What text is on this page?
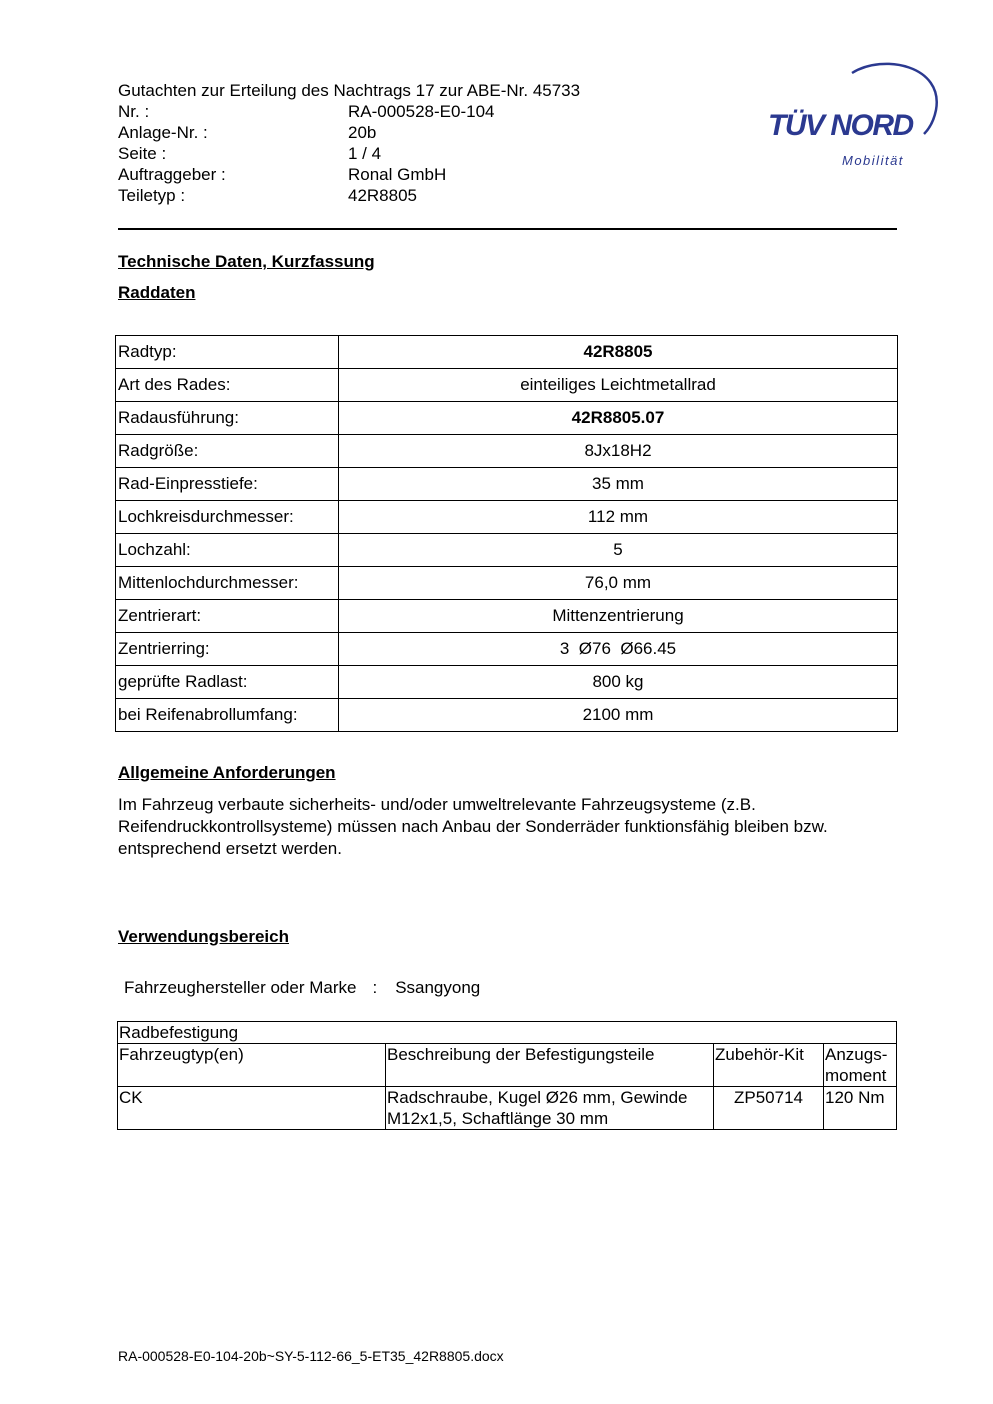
Gutachten zur Erteilung des Nachtrags 17 zur ABE-Nr. 45733
Nr. :	RA-000528-E0-104
Anlage-Nr. :	20b
Seite :	1 / 4
Auftraggeber :	Ronal GmbH
Teiletyp :	42R8805
TÜV NORD
Mobilität
Technische Daten, Kurzfassung
Raddaten
Radtyp:	42R8805
Art des Rades:	einteiliges Leichtmetallrad
Radausführung:	42R8805.07
Radgröße:	8Jx18H2
Rad-Einpresstiefe:	35 mm
Lochkreisdurchmesser:	112 mm
Lochzahl:	5
Mittenlochdurchmesser:	76,0 mm
Zentrierart:	Mittenzentrierung
Zentrierring:	3  Ø76  Ø66.45
geprüfte Radlast:	800 kg
bei Reifenabrollumfang:	2100 mm
Allgemeine Anforderungen
Im Fahrzeug verbaute sicherheits- und/oder umweltrelevante Fahrzeugsysteme (z.B. Reifendruckkontrollsysteme) müssen nach Anbau der Sonderräder funktionsfähig bleiben bzw. entsprechend ersetzt werden.
Verwendungsbereich
Fahrzeughersteller oder Marke : Ssangyong
Radbefestigung			
Fahrzeugtyp(en)	Beschreibung der Befestigungsteile	Zubehör-Kit	Anzugs-moment
CK	Radschraube, Kugel Ø26 mm, Gewinde M12x1,5, Schaftlänge 30 mm	ZP50714	120 Nm
RA-000528-E0-104-20b~SY-5-112-66_5-ET35_42R8805.docx
